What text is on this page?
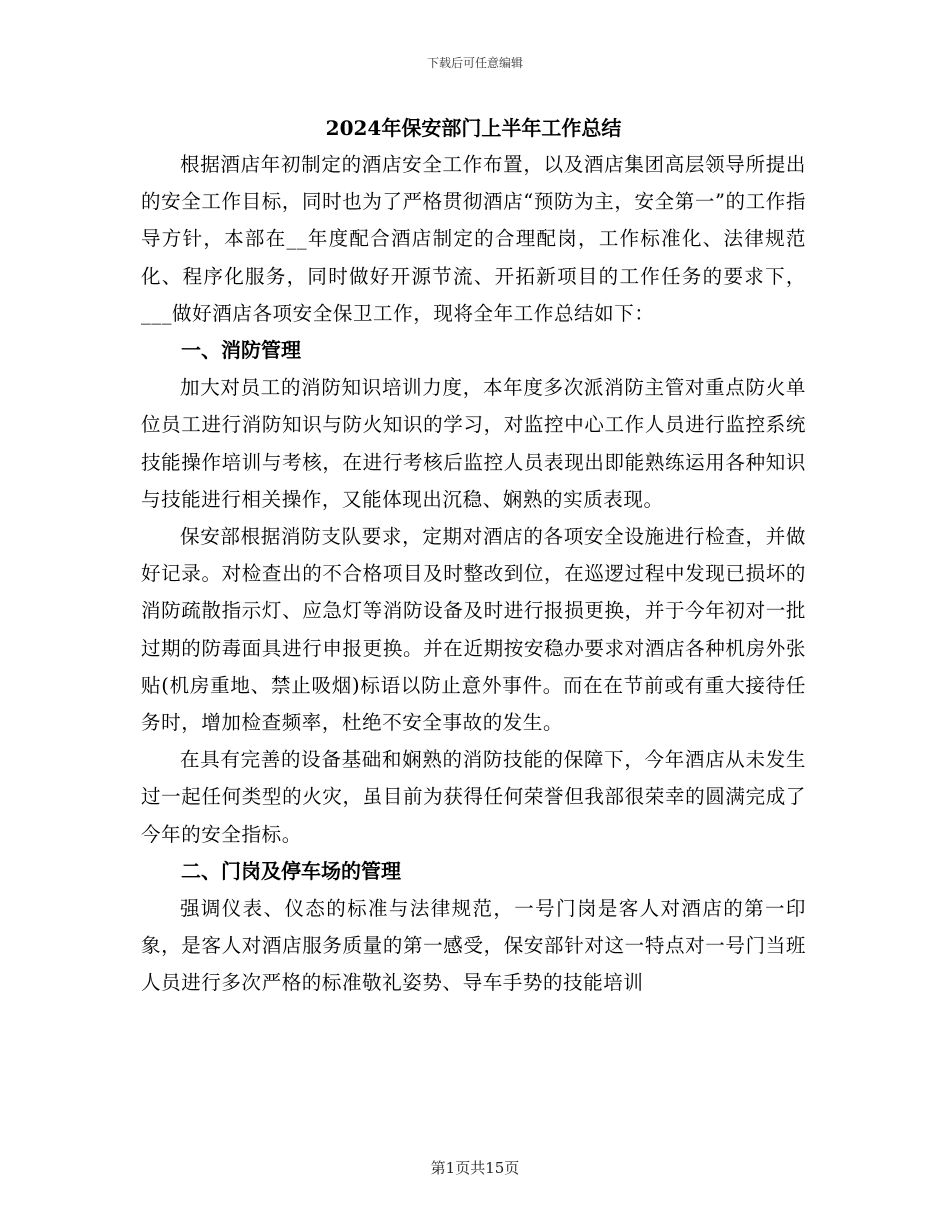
下载后可任意编辑
2024年保安部门上半年工作总结

根据酒店年初制定的酒店安全工作布置，以及酒店集团高层领导所提出的安全工作目标，同时也为了严格贯彻酒店“预防为主，安全第一”的工作指导方针，本部在__年度配合酒店制定的合理配岗，工作标准化、法律规范化、程序化服务，同时做好开源节流、开拓新项目的工作任务的要求下，___做好酒店各项安全保卫工作，现将全年工作总结如下：

一、消防管理

加大对员工的消防知识培训力度，本年度多次派消防主管对重点防火单位员工进行消防知识与防火知识的学习，对监控中心工作人员进行监控系统技能操作培训与考核，在进行考核后监控人员表现出即能熟练运用各种知识与技能进行相关操作，又能体现出沉稳、娴熟的实质表现。

保安部根据消防支队要求，定期对酒店的各项安全设施进行检查，并做好记录。对检查出的不合格项目及时整改到位，在巡逻过程中发现已损坏的消防疏散指示灯、应急灯等消防设备及时进行报损更换，并于今年初对一批过期的防毒面具进行申报更换。并在近期按安稳办要求对酒店各种机房外张贴(机房重地、禁止吸烟)标语以防止意外事件。而在在节前或有重大接待任务时，增加检查频率，杜绝不安全事故的发生。

在具有完善的设备基础和娴熟的消防技能的保障下，今年酒店从未发生过一起任何类型的火灾，虽目前为获得任何荣誉但我部很荣幸的圆满完成了今年的安全指标。

二、门岗及停车场的管理

强调仪表、仪态的标准与法律规范，一号门岗是客人对酒店的第一印象，是客人对酒店服务质量的第一感受，保安部针对这一特点对一号门当班人员进行多次严格的标准敬礼姿势、导车手势的技能培训

第1页共15页
